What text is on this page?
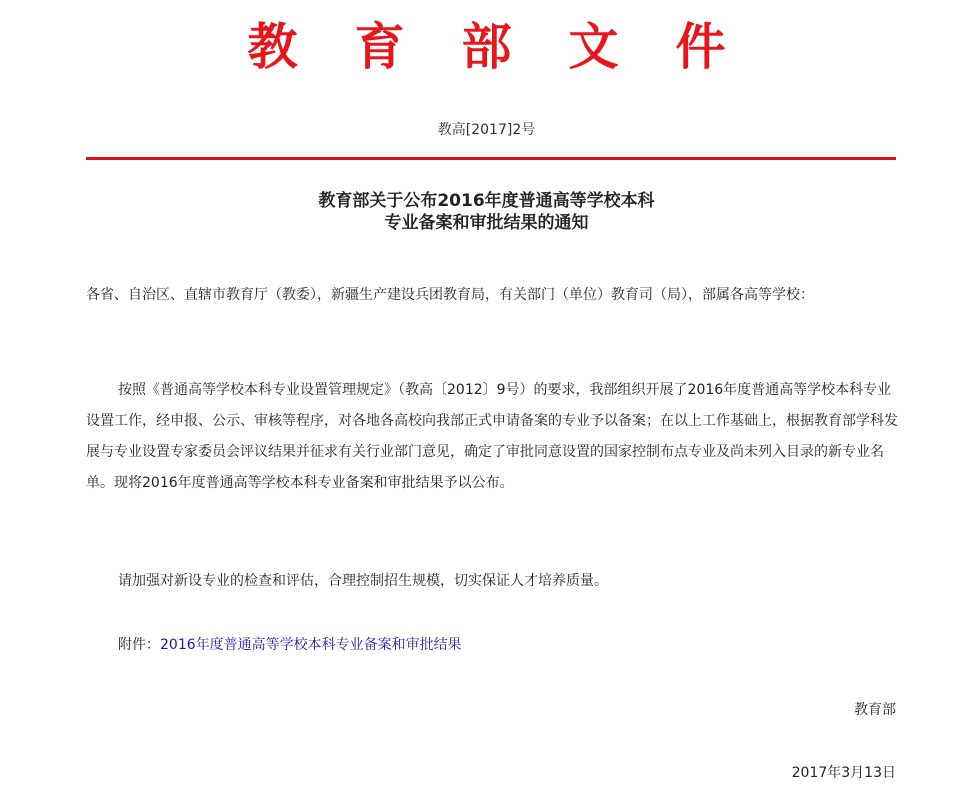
教 育 部 文 件
教高[2017]2号
教育部关于公布2016年度普通高等学校本科
专业备案和审批结果的通知
各省、自治区、直辖市教育厅（教委），新疆生产建设兵团教育局，有关部门（单位）教育司（局），部属各高等学校：
按照《普通高等学校本科专业设置管理规定》（教高〔2012〕9号）的要求，我部组织开展了2016年度普通高等学校本科专业设置工作，经申报、公示、审核等程序，对各地各高校向我部正式申请备案的专业予以备案；在以上工作基础上，根据教育部学科发展与专业设置专家委员会评议结果并征求有关行业部门意见，确定了审批同意设置的国家控制布点专业及尚未列入目录的新专业名单。现将2016年度普通高等学校本科专业备案和审批结果予以公布。
请加强对新设专业的检查和评估，合理控制招生规模，切实保证人才培养质量。
附件：2016年度普通高等学校本科专业备案和审批结果
教育部
2017年3月13日
